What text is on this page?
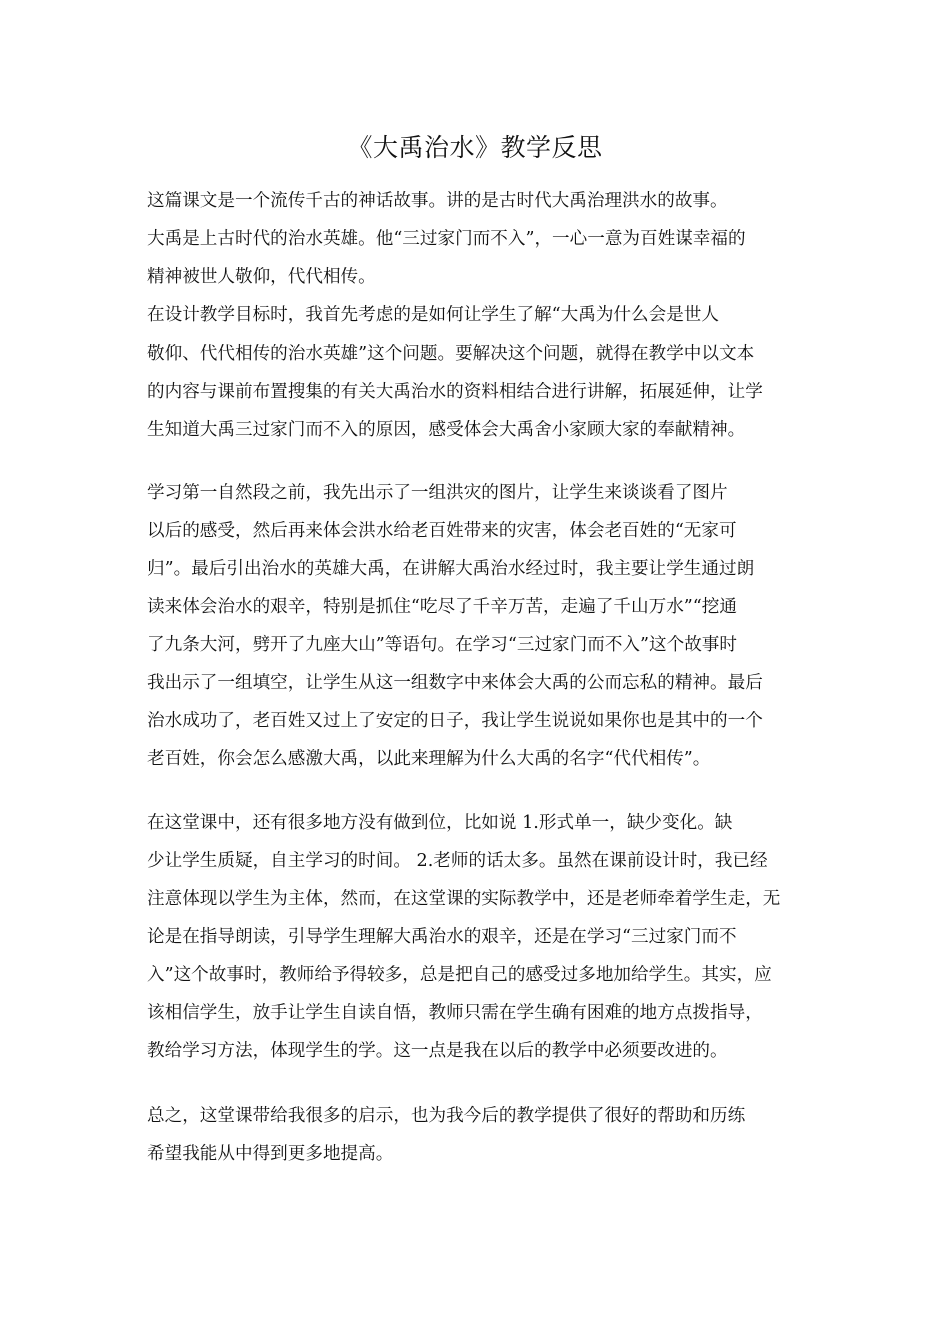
《大禹治水》教学反思
这篇课文是一个流传千古的神话故事。讲的是古时代大禹治理洪水的故事。
大禹是上古时代的治水英雄。他“三过家门而不入”，一心一意为百姓谋幸福的
精神被世人敬仰，代代相传。
在设计教学目标时，我首先考虑的是如何让学生了解“大禹为什么会是世人
敬仰、代代相传的治水英雄”这个问题。要解决这个问题，就得在教学中以文本
的内容与课前布置搜集的有关大禹治水的资料相结合进行讲解，拓展延伸，让学
生知道大禹三过家门而不入的原因，感受体会大禹舍小家顾大家的奉献精神。
学习第一自然段之前，我先出示了一组洪灾的图片，让学生来谈谈看了图片
以后的感受，然后再来体会洪水给老百姓带来的灾害，体会老百姓的“无家可
归”。最后引出治水的英雄大禹，在讲解大禹治水经过时，我主要让学生通过朗
读来体会治水的艰辛，特别是抓住“吃尽了千辛万苦，走遍了千山万水”“挖通
了九条大河，劈开了九座大山”等语句。在学习“三过家门而不入”这个故事时
我出示了一组填空，让学生从这一组数字中来体会大禹的公而忘私的精神。最后
治水成功了，老百姓又过上了安定的日子，我让学生说说如果你也是其中的一个
老百姓，你会怎么感激大禹，以此来理解为什么大禹的名字“代代相传”。
在这堂课中，还有很多地方没有做到位，比如说 1.形式单一，缺少变化。缺
少让学生质疑，自主学习的时间。 2.老师的话太多。虽然在课前设计时，我已经
注意体现以学生为主体，然而，在这堂课的实际教学中，还是老师牵着学生走，无
论是在指导朗读，引导学生理解大禹治水的艰辛，还是在学习“三过家门而不
入”这个故事时，教师给予得较多，总是把自己的感受过多地加给学生。其实，应
该相信学生，放手让学生自读自悟，教师只需在学生确有困难的地方点拨指导，
教给学习方法，体现学生的学。这一点是我在以后的教学中必须要改进的。
总之，这堂课带给我很多的启示，也为我今后的教学提供了很好的帮助和历练
希望我能从中得到更多地提高。
